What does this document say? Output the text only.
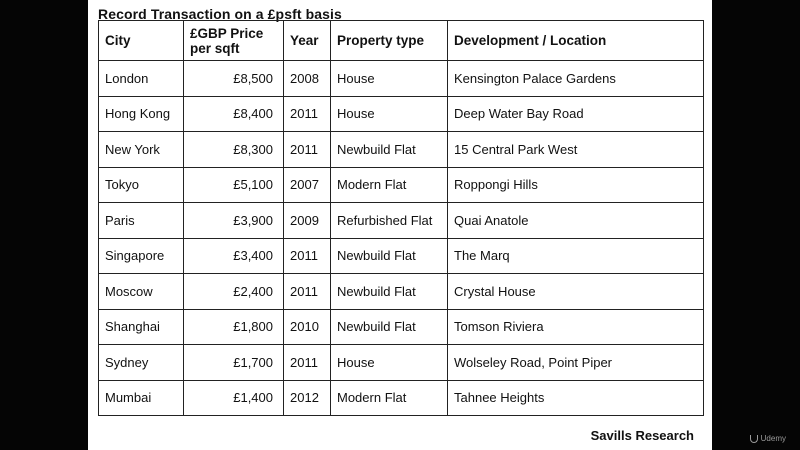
Record Transaction on a £psft basis
City	£GBP Price per sqft	Year	Property type	Development / Location
London	£8,500	2008	House	Kensington Palace Gardens
Hong Kong	£8,400	2011	House	Deep Water Bay Road
New York	£8,300	2011	Newbuild Flat	15 Central Park West
Tokyo	£5,100	2007	Modern Flat	Roppongi Hills
Paris	£3,900	2009	Refurbished Flat	Quai Anatole
Singapore	£3,400	2011	Newbuild Flat	The Marq
Moscow	£2,400	2011	Newbuild Flat	Crystal House
Shanghai	£1,800	2010	Newbuild Flat	Tomson Riviera
Sydney	£1,700	2011	House	Wolseley Road, Point Piper
Mumbai	£1,400	2012	Modern Flat	Tahnee Heights
Savills Research	Udemy
